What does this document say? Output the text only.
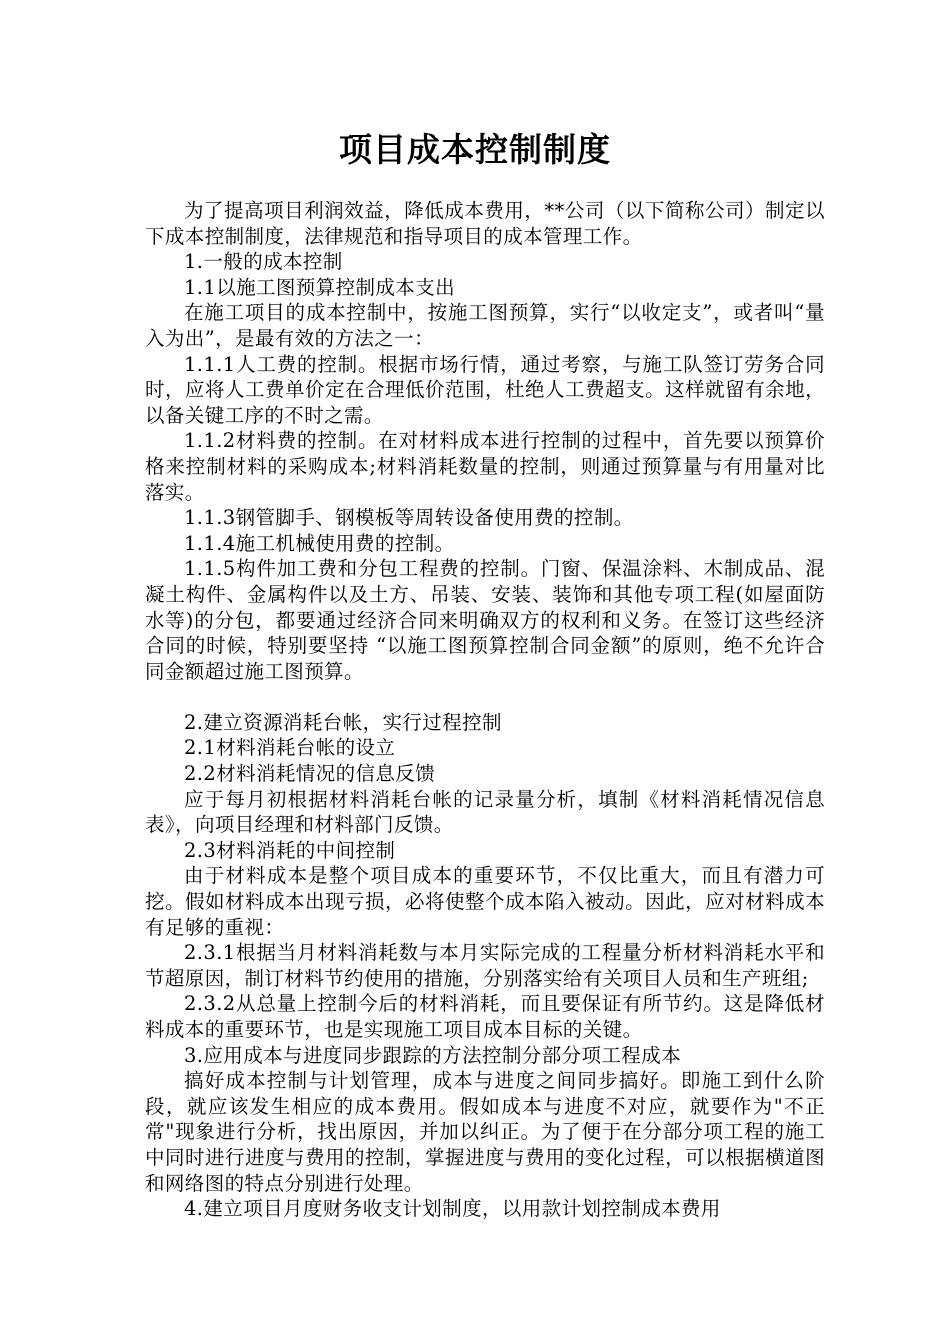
项目成本控制制度

为了提高项目利润效益，降低成本费用，**公司（以下简称公司）制定以下成本控制制度，法律规范和指导项目的成本管理工作。

1.一般的成本控制

1.1以施工图预算控制成本支出

在施工项目的成本控制中，按施工图预算，实行“以收定支”，或者叫“量入为出”，是最有效的方法之一：

1.1.1人工费的控制。根据市场行情，通过考察，与施工队签订劳务合同时，应将人工费单价定在合理低价范围，杜绝人工费超支。这样就留有余地，以备关键工序的不时之需。

1.1.2材料费的控制。在对材料成本进行控制的过程中，首先要以预算价格来控制材料的采购成本;材料消耗数量的控制，则通过预算量与有用量对比落实。

1.1.3钢管脚手、钢模板等周转设备使用费的控制。

1.1.4施工机械使用费的控制。

1.1.5构件加工费和分包工程费的控制。门窗、保温涂料、木制成品、混凝土构件、金属构件以及土方、吊装、安装、装饰和其他专项工程(如屋面防水等)的分包，都要通过经济合同来明确双方的权利和义务。在签订这些经济合同的时候，特别要坚持 “以施工图预算控制合同金额”的原则，绝不允许合同金额超过施工图预算。

2.建立资源消耗台帐，实行过程控制

2.1材料消耗台帐的设立

2.2材料消耗情况的信息反馈

应于每月初根据材料消耗台帐的记录量分析，填制《材料消耗情况信息表》，向项目经理和材料部门反馈。

2.3材料消耗的中间控制

由于材料成本是整个项目成本的重要环节，不仅比重大，而且有潜力可挖。假如材料成本出现亏损，必将使整个成本陷入被动。因此，应对材料成本有足够的重视：

2.3.1根据当月材料消耗数与本月实际完成的工程量分析材料消耗水平和节超原因，制订材料节约使用的措施，分别落实给有关项目人员和生产班组;

2.3.2从总量上控制今后的材料消耗，而且要保证有所节约。这是降低材料成本的重要环节，也是实现施工项目成本目标的关键。

3.应用成本与进度同步跟踪的方法控制分部分项工程成本

搞好成本控制与计划管理，成本与进度之间同步搞好。即施工到什么阶段，就应该发生相应的成本费用。假如成本与进度不对应，就要作为"不正常"现象进行分析，找出原因，并加以纠正。为了便于在分部分项工程的施工中同时进行进度与费用的控制，掌握进度与费用的变化过程，可以根据横道图和网络图的特点分别进行处理。

4.建立项目月度财务收支计划制度，以用款计划控制成本费用
